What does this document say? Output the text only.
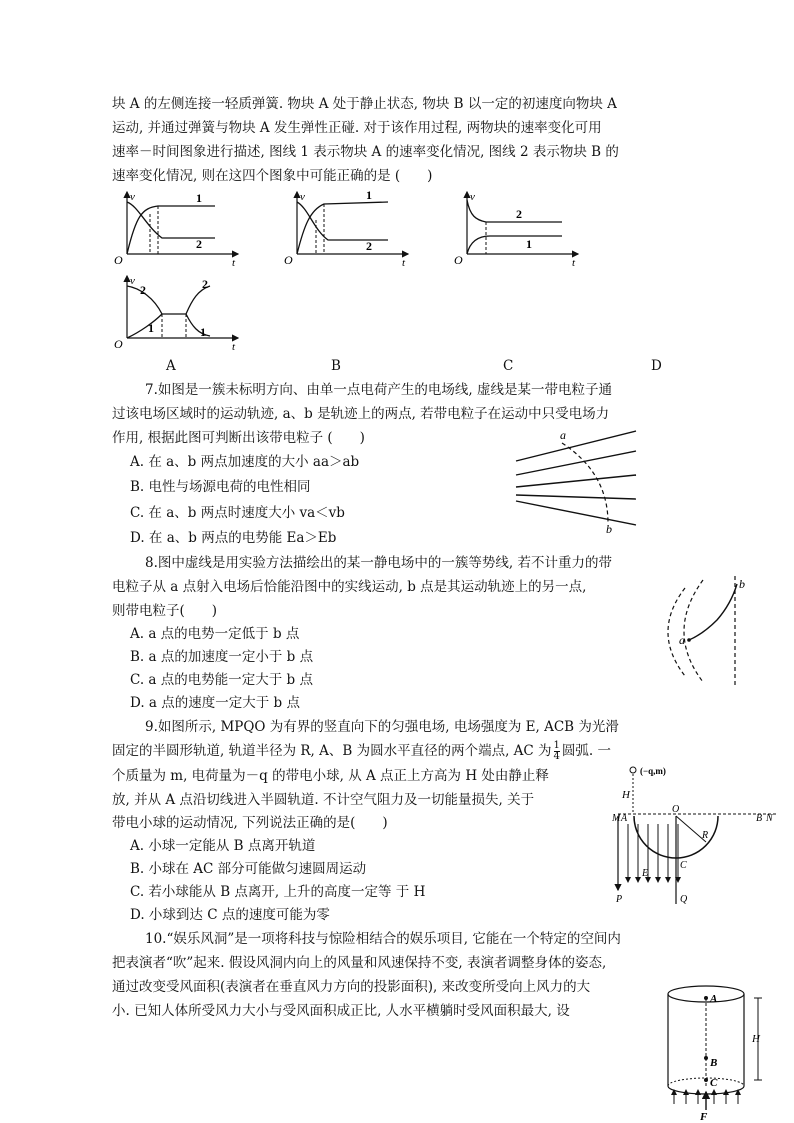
块 A 的左侧连接一轻质弹簧. 物块 A 处于静止状态, 物块 B 以一定的初速度向物块 A
运动, 并通过弹簧与物块 A 发生弹性正碰. 对于该作用过程, 两物块的速率变化可用
速率－时间图象进行描述, 图线 1 表示物块 A 的速率变化情况, 图线 2 表示物块 B 的
速率变化情况, 则在这四个图象中可能正确的是 (　　)
v
t
O
1
2
v
t
O
1
2
v
t
O
2
1
v
t
O
2
1
2
1
A	B	C	D
7.如图是一簇未标明方向、由单一点电荷产生的电场线, 虚线是某一带电粒子通
过该电场区域时的运动轨迹, a、b 是轨迹上的两点, 若带电粒子在运动中只受电场力
作用, 根据此图可判断出该带电粒子 (　　)
A. 在 a、b 两点加速度的大小 aa＞ab
B. 电性与场源电荷的电性相同
C. 在 a、b 两点时速度大小 va＜vb
D. 在 a、b 两点的电势能 Ea＞Eb
a
b
8.图中虚线是用实验方法描绘出的某一静电场中的一簇等势线, 若不计重力的带
电粒子从 a 点射入电场后恰能沿图中的实线运动, b 点是其运动轨迹上的另一点,
则带电粒子(　　)
A. a 点的电势一定低于 b 点
B. a 点的加速度一定小于 b 点
C. a 点的电势能一定大于 b 点
D. a 点的速度一定大于 b 点
a
b
9.如图所示, MPQO 为有界的竖直向下的匀强电场, 电场强度为 E, ACB 为光滑
固定的半圆形轨道, 轨道半径为 R, A、B 为圆水平直径的两个端点, AC 为 $\frac{1}{4}$ 圆弧. 一
个质量为 m, 电荷量为－q 的带电小球, 从 A 点正上方高为 H 处由静止释
放, 并从 A 点沿切线进入半圆轨道. 不计空气阻力及一切能量损失, 关于
带电小球的运动情况, 下列说法正确的是(　　)
A. 小球一定能从 B 点离开轨道
B. 小球在 AC 部分可能做匀速圆周运动
C. 若小球能从 B 点离开, 上升的高度一定等 于 H
D. 小球到达 C 点的速度可能为零
(−q,m)
H
M A
O
B N
R
E
C
P	Q
10.“娱乐风洞”是一项将科技与惊险相结合的娱乐项目, 它能在一个特定的空间内
把表演者“吹”起来. 假设风洞内向上的风量和风速保持不变, 表演者调整身体的姿态,
通过改变受风面积(表演者在垂直风力方向的投影面积), 来改变所受向上风力的大
小. 已知人体所受风力大小与受风面积成正比, 人水平横躺时受风面积最大, 设
A
B
C
H
F
